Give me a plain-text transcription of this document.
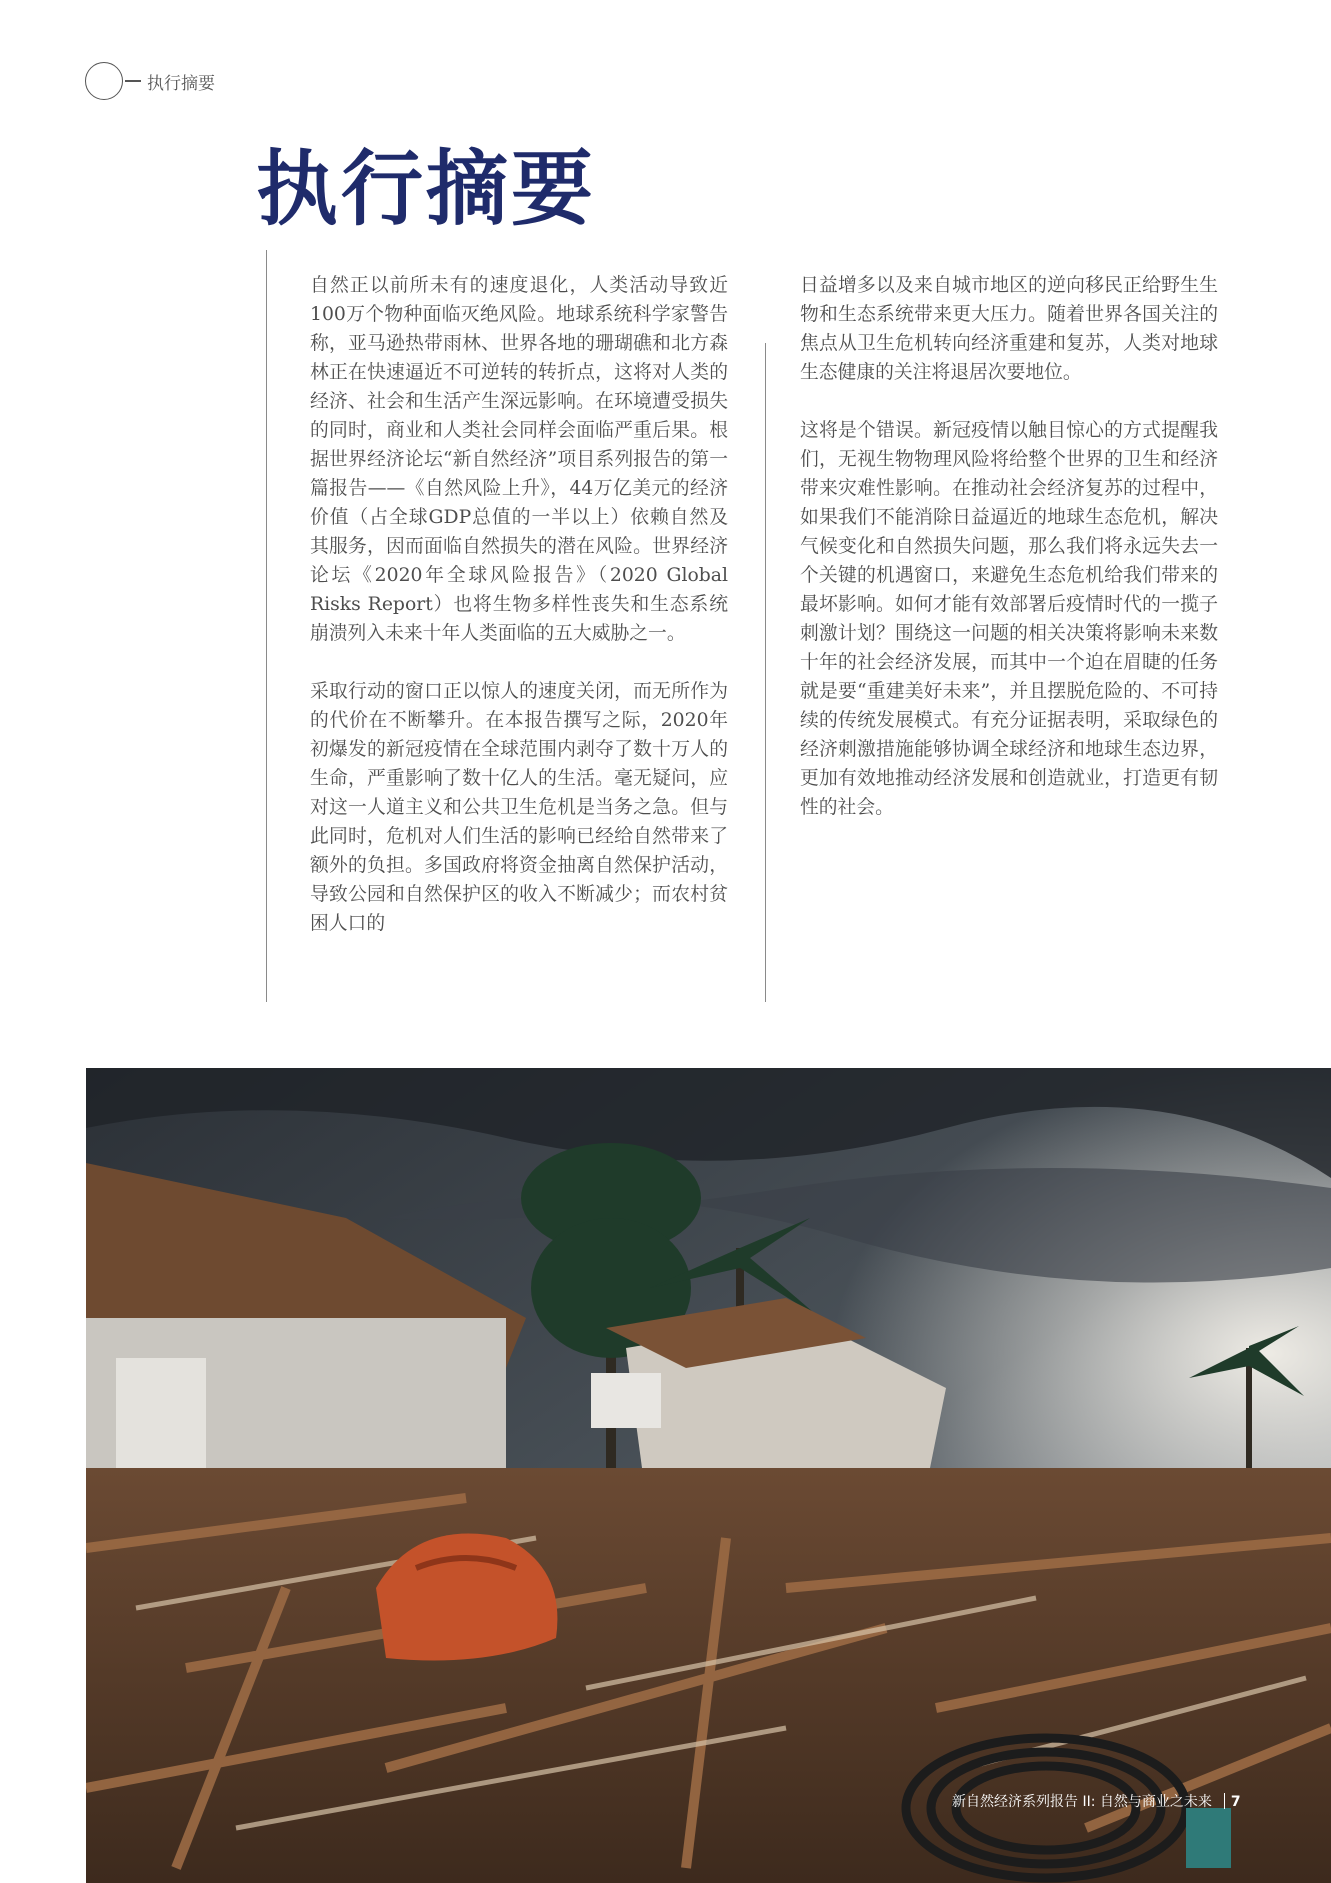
执行摘要
执行摘要

自然正以前所未有的速度退化，人类活动导致近100万个物种面临灭绝风险。地球系统科学家警告称，亚马逊热带雨林、世界各地的珊瑚礁和北方森林正在快速逼近不可逆转的转折点，这将对人类的经济、社会和生活产生深远影响。在环境遭受损失的同时，商业和人类社会同样会面临严重后果。根据世界经济论坛“新自然经济”项目系列报告的第一篇报告——《自然风险上升》，44万亿美元的经济价值（占全球GDP总值的一半以上）依赖自然及其服务，因而面临自然损失的潜在风险。世界经济论坛《2020年全球风险报告》（2020 Global Risks Report）也将生物多样性丧失和生态系统崩溃列入未来十年人类面临的五大威胁之一。

采取行动的窗口正以惊人的速度关闭，而无所作为的代价在不断攀升。在本报告撰写之际，2020年初爆发的新冠疫情在全球范围内剥夺了数十万人的生命，严重影响了数十亿人的生活。毫无疑问，应对这一人道主义和公共卫生危机是当务之急。但与此同时，危机对人们生活的影响已经给自然带来了额外的负担。多国政府将资金抽离自然保护活动，导致公园和自然保护区的收入不断减少；而农村贫困人口的

日益增多以及来自城市地区的逆向移民正给野生生物和生态系统带来更大压力。随着世界各国关注的焦点从卫生危机转向经济重建和复苏，人类对地球生态健康的关注将退居次要地位。

这将是个错误。新冠疫情以触目惊心的方式提醒我们，无视生物物理风险将给整个世界的卫生和经济带来灾难性影响。在推动社会经济复苏的过程中，如果我们不能消除日益逼近的地球生态危机，解决气候变化和自然损失问题，那么我们将永远失去一个关键的机遇窗口，来避免生态危机给我们带来的最坏影响。如何才能有效部署后疫情时代的一揽子刺激计划？围绕这一问题的相关决策将影响未来数十年的社会经济发展，而其中一个迫在眉睫的任务就是要“重建美好未来”，并且摆脱危险的、不可持续的传统发展模式。有充分证据表明，采取绿色的经济刺激措施能够协调全球经济和地球生态边界，更加有效地推动经济发展和创造就业，打造更有韧性的社会。

新自然经济系列报告 II: 自然与商业之未来 7
